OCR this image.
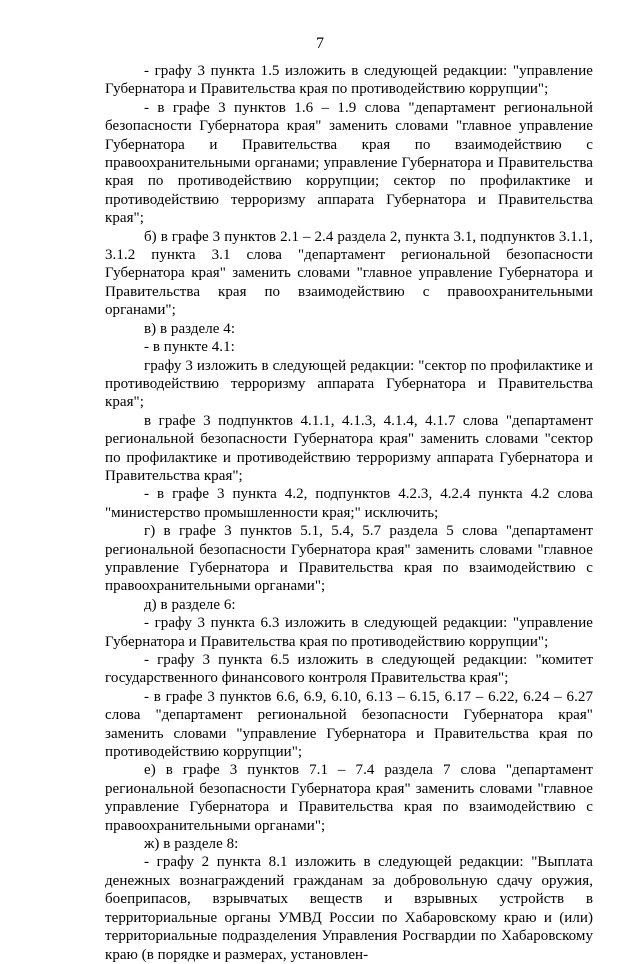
7

- графу 3 пункта 1.5 изложить в следующей редакции: "управление Губернатора и Правительства края по противодействию коррупции";

- в графе 3 пунктов 1.6 – 1.9 слова "департамент региональной безопасности Губернатора края" заменить словами "главное управление Губернатора и Правительства края по взаимодействию с правоохранительными органами; управление Губернатора и Правительства края по противодействию коррупции; сектор по профилактике и противодействию терроризму аппарата Губернатора и Правительства края";

б) в графе 3 пунктов 2.1 – 2.4 раздела 2, пункта 3.1, подпунктов 3.1.1, 3.1.2 пункта 3.1 слова "департамент региональной безопасности Губернатора края" заменить словами "главное управление Губернатора и Правительства края по взаимодействию с правоохранительными органами";

в) в разделе 4:

- в пункте 4.1:

графу 3 изложить в следующей редакции: "сектор по профилактике и противодействию терроризму аппарата Губернатора и Правительства края";

в графе 3 подпунктов 4.1.1, 4.1.3, 4.1.4, 4.1.7 слова "департамент региональной безопасности Губернатора края" заменить словами "сектор по профилактике и противодействию терроризму аппарата Губернатора и Правительства края";

- в графе 3 пункта 4.2, подпунктов 4.2.3, 4.2.4 пункта 4.2 слова "министерство промышленности края;" исключить;

г) в графе 3 пунктов 5.1, 5.4, 5.7 раздела 5 слова "департамент региональной безопасности Губернатора края" заменить словами "главное управление Губернатора и Правительства края по взаимодействию с правоохранительными органами";

д) в разделе 6:

- графу 3 пункта 6.3 изложить в следующей редакции: "управление Губернатора и Правительства края по противодействию коррупции";

- графу 3 пункта 6.5 изложить в следующей редакции: "комитет государственного финансового контроля Правительства края";

- в графе 3 пунктов 6.6, 6.9, 6.10, 6.13 – 6.15, 6.17 – 6.22, 6.24 – 6.27 слова "департамент региональной безопасности Губернатора края" заменить словами "управление Губернатора и Правительства края по противодействию коррупции";

е) в графе 3 пунктов 7.1 – 7.4 раздела 7 слова "департамент региональной безопасности Губернатора края" заменить словами "главное управление Губернатора и Правительства края по взаимодействию с правоохранительными органами";

ж) в разделе 8:

- графу 2 пункта 8.1 изложить в следующей редакции: "Выплата денежных вознаграждений гражданам за добровольную сдачу оружия, боеприпасов, взрывчатых веществ и взрывных устройств в территориальные органы УМВД России по Хабаровскому краю и (или) территориальные подразделения Управления Росгвардии по Хабаровскому краю (в порядке и размерах, установлен-
